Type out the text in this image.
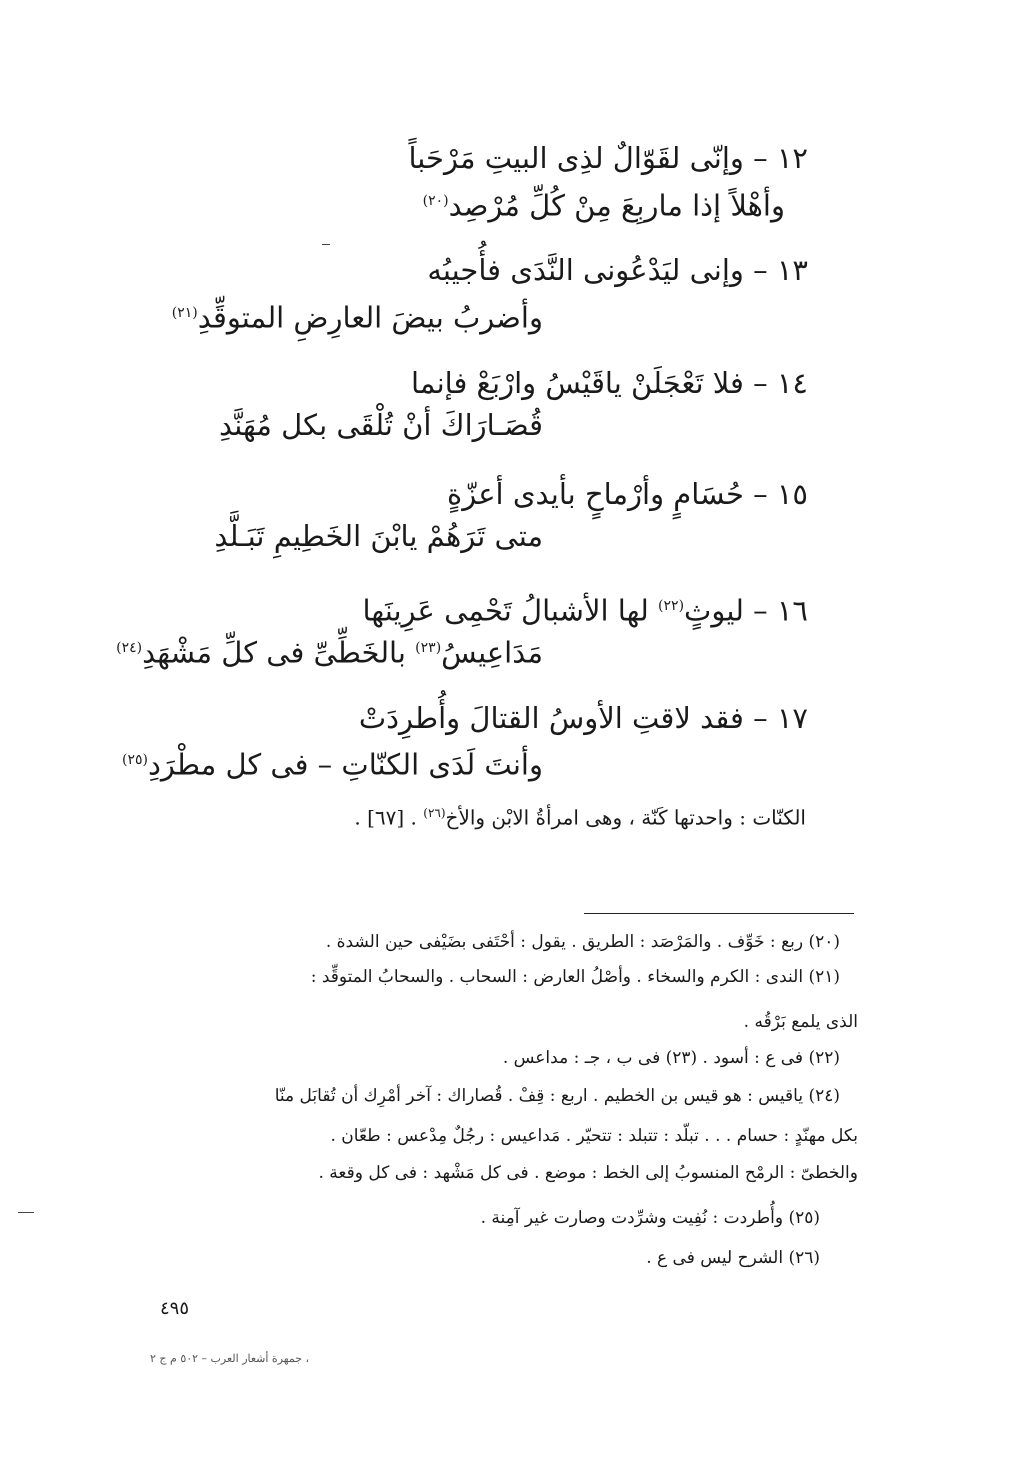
١٢ – وإنّى لقَوّالٌ لذِى البيتِ مَرْحَباً
وأهْلاً إذا ماربِعَ مِنْ كُلِّ مُرْصِد$^{(٢٠)}$
١٣ – وإنى ليَدْعُونى النَّدَى فأُجيبُه
وأضربُ بيضَ العارِضِ المتوقِّدِ$^{(٢١)}$
١٤ – فلا تَعْجَلَنْ ياقَيْسُ وارْبَعْ فإنما
قُصَـارَاكَ أنْ تُلْقَى بكل مُهَنَّدِ
١٥ – حُسَامٍ وأرْماحٍ بأيدى أعزّةٍ
متى تَرَهُمْ يابْنَ الخَطِيمِ تَبَـلَّدِ
١٦ – ليوثٍ$^{(٢٢)}$ لها الأشبالُ تَحْمِى عَرِينَها
مَدَاعِيسُ$^{(٢٣)}$ بالخَطِّىِّ فى كلِّ مَشْهَدِ$^{(٢٤)}$
١٧ – فقد لاقتِ الأوسُ القتالَ وأُطرِدَتْ
وأنتَ لَدَى الكنّاتِ – فى كل مطْرَدِ$^{(٢٥)}$
الكنّات : واحدتها كَنّة ، وهى امرأةُ الابْن والأخ$^{(٢٦)}$ . [٦٧] .
(٢٠) ربع : خَوِّف . والمَرْصَد : الطريق . يقول : أحْتَفى بضَيْفى حين الشدة .
(٢١) الندى : الكرم والسخاء . وأصْلُ العارض : السحاب . والسحابُ المتوقِّد :
الذى يلمع بَرْقُه .
(٢٢) فى ع : أسود . (٢٣) فى ب ، جـ : مداعس .
(٢٤) ياقيس : هو قيس بن الخطيم . اربع : قِفْ . قُصاراك : آخر أمْرِك أن تُقابَل منّا
بكل مهنّدٍ : حسام . . . تبلّد : تتبلد : تتحيّر . مَداعيس : رجُلٌ مِدْعس : طعّان .
والخطىّ : الرمْح المنسوبُ إلى الخط : موضع . فى كل مَشْهد : فى كل وقعة .
(٢٥) وأُطردت : نُفِيت وشرِّدت وصارت غير آمِنة .
(٢٦) الشرح ليس فى ع .
٤٩٥
، جمهرة أشعار العرب – ٥٠٢ م ج ٢
